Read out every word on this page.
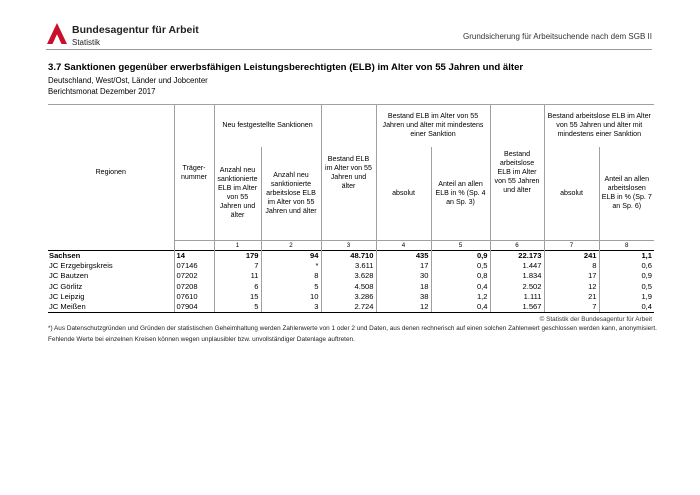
Bundesagentur für Arbeit
Statistik
Grundsicherung für Arbeitsuchende nach dem SGB II
3.7 Sanktionen gegenüber erwerbsfähigen Leistungsberechtigten (ELB) im Alter von 55 Jahren und älter
Deutschland, West/Ost, Länder und Jobcenter
Berichtsmonat Dezember 2017
Regionen	Träger-nummer	Neu festgestellte Sanktionen		Bestand ELB im Alter von 55 Jahren und älter	Bestand ELB im Alter von 55 Jahren und älter mit mindestens einer Sanktion		Bestand arbeitslose ELB im Alter von 55 Jahren und älter	Bestand arbeitslose ELB im Alter von 55 Jahren und älter mit mindestens einer Sanktion	
		Anzahl neu sanktionierte ELB im Alter von 55 Jahren und älter	Anzahl neu sanktionierte arbeitslose ELB im Alter von 55 Jahren und älter		absolut	Anteil an allen ELB in % (Sp. 4 an Sp. 3)		absolut	Anteil an allen arbeitslosen ELB in % (Sp. 7 an Sp. 6)
		1	2	3	4	5	6	7	8
Sachsen	14	179	94	48.710	435	0,9	22.173	241	1,1
JC Erzgebirgskreis	07146	7	*	3.611	17	0,5	1.447	8	0,6
JC Bautzen	07202	11	8	3.628	30	0,8	1.834	17	0,9
JC Görlitz	07208	6	5	4.508	18	0,4	2.502	12	0,5
JC Leipzig	07610	15	10	3.286	38	1,2	1.111	21	1,9
JC Meißen	07904	5	3	2.724	12	0,4	1.567	7	0,4
© Statistik der Bundesagentur für Arbeit
*) Aus Datenschutzgründen und Gründen der statistischen Geheimhaltung werden Zahlenwerte von 1 oder 2 und Daten, aus denen rechnerisch auf einen solchen Zahlenwert geschlossen werden kann, anonymisiert.
Fehlende Werte bei einzelnen Kreisen können wegen unplausibler bzw. unvollständiger Datenlage auftreten.
